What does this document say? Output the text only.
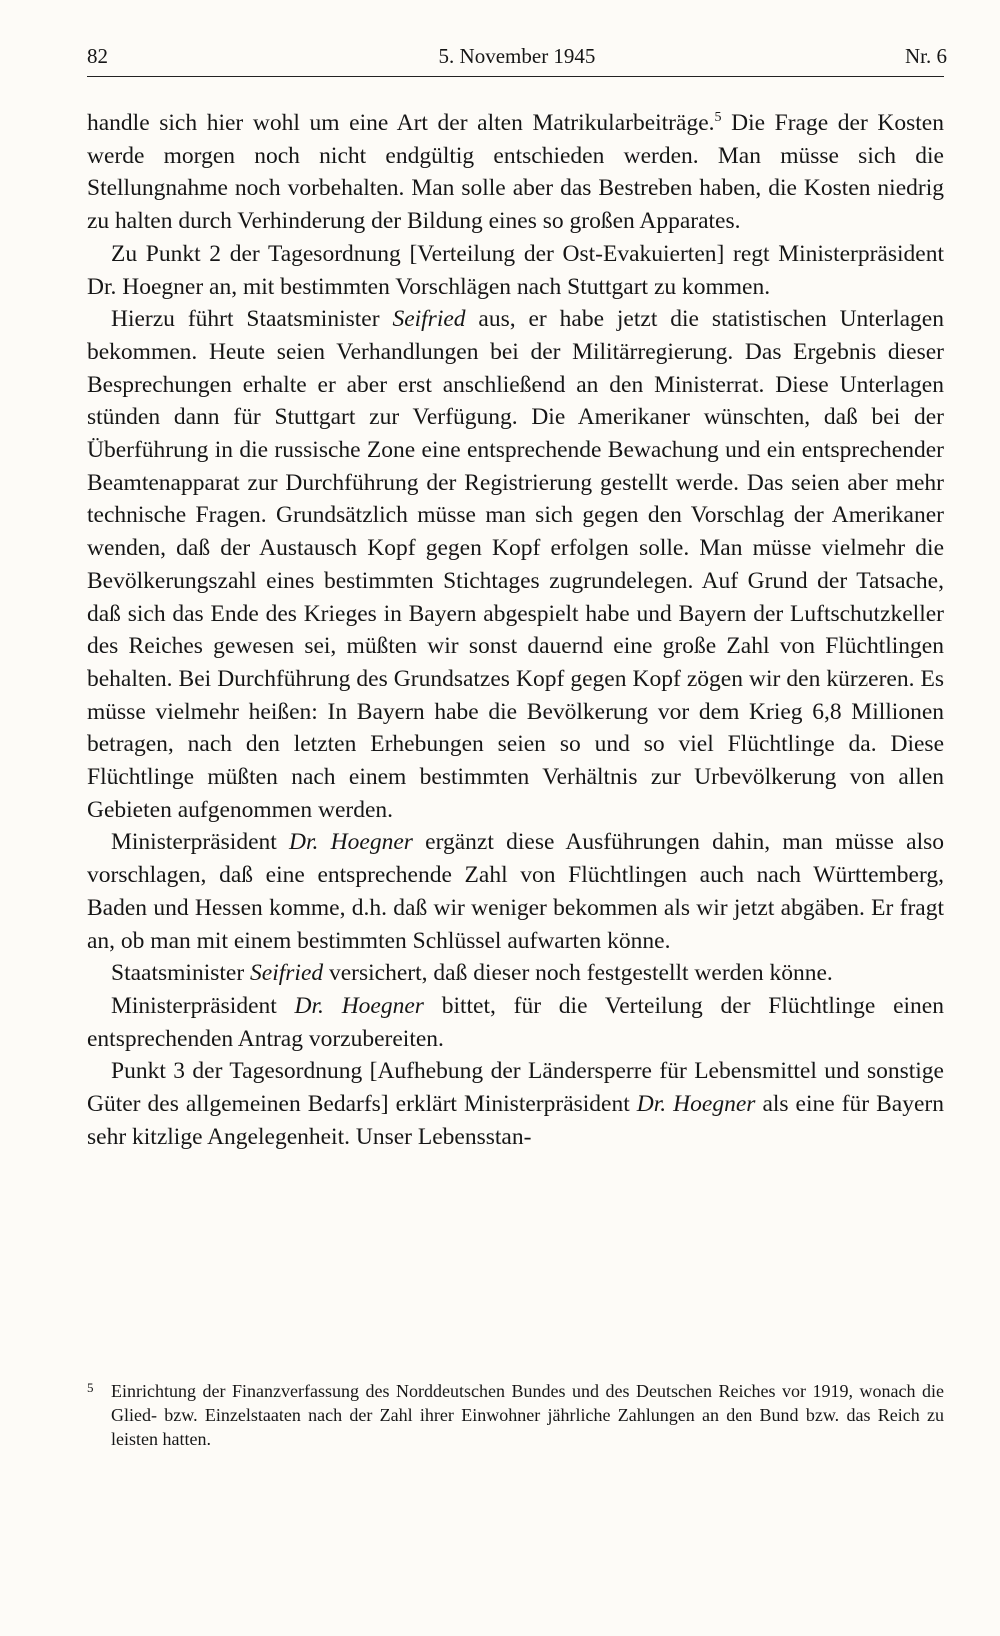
82	5. November 1945	Nr. 6

handle sich hier wohl um eine Art der alten Matrikularbeiträge.$^5$ Die Frage der Kosten werde morgen noch nicht endgültig entschieden werden. Man müsse sich die Stellungnahme noch vorbehalten. Man solle aber das Bestreben haben, die Kosten niedrig zu halten durch Verhinderung der Bildung eines so großen Apparates.

Zu Punkt 2 der Tagesordnung [Verteilung der Ost-Evakuierten] regt Ministerpräsident Dr. Hoegner an, mit bestimmten Vorschlägen nach Stuttgart zu kommen.

Hierzu führt Staatsminister Seifried aus, er habe jetzt die statistischen Unterlagen bekommen. Heute seien Verhandlungen bei der Militärregierung. Das Ergebnis dieser Besprechungen erhalte er aber erst anschließend an den Ministerrat. Diese Unterlagen stünden dann für Stuttgart zur Verfügung. Die Amerikaner wünschten, daß bei der Überführung in die russische Zone eine entsprechende Bewachung und ein entsprechender Beamtenapparat zur Durchführung der Registrierung gestellt werde. Das seien aber mehr technische Fragen. Grundsätzlich müsse man sich gegen den Vorschlag der Amerikaner wenden, daß der Austausch Kopf gegen Kopf erfolgen solle. Man müsse vielmehr die Bevölkerungszahl eines bestimmten Stichtages zugrundelegen. Auf Grund der Tatsache, daß sich das Ende des Krieges in Bayern abgespielt habe und Bayern der Luftschutzkeller des Reiches gewesen sei, müßten wir sonst dauernd eine große Zahl von Flüchtlingen behalten. Bei Durchführung des Grundsatzes Kopf gegen Kopf zögen wir den kürzeren. Es müsse vielmehr heißen: In Bayern habe die Bevölkerung vor dem Krieg 6,8 Millionen betragen, nach den letzten Erhebungen seien so und so viel Flüchtlinge da. Diese Flüchtlinge müßten nach einem bestimmten Verhältnis zur Urbevölkerung von allen Gebieten aufgenommen werden.

Ministerpräsident Dr. Hoegner ergänzt diese Ausführungen dahin, man müsse also vorschlagen, daß eine entsprechende Zahl von Flüchtlingen auch nach Württemberg, Baden und Hessen komme, d.h. daß wir weniger bekommen als wir jetzt abgäben. Er fragt an, ob man mit einem bestimmten Schlüssel aufwarten könne.

Staatsminister Seifried versichert, daß dieser noch festgestellt werden könne.

Ministerpräsident Dr. Hoegner bittet, für die Verteilung der Flüchtlinge einen entsprechenden Antrag vorzubereiten.

Punkt 3 der Tagesordnung [Aufhebung der Ländersperre für Lebensmittel und sonstige Güter des allgemeinen Bedarfs] erklärt Ministerpräsident Dr. Hoegner als eine für Bayern sehr kitzlige Angelegenheit. Unser Lebensstan-

5 Einrichtung der Finanzverfassung des Norddeutschen Bundes und des Deutschen Reiches vor 1919, wonach die Glied- bzw. Einzelstaaten nach der Zahl ihrer Einwohner jährliche Zahlungen an den Bund bzw. das Reich zu leisten hatten.
